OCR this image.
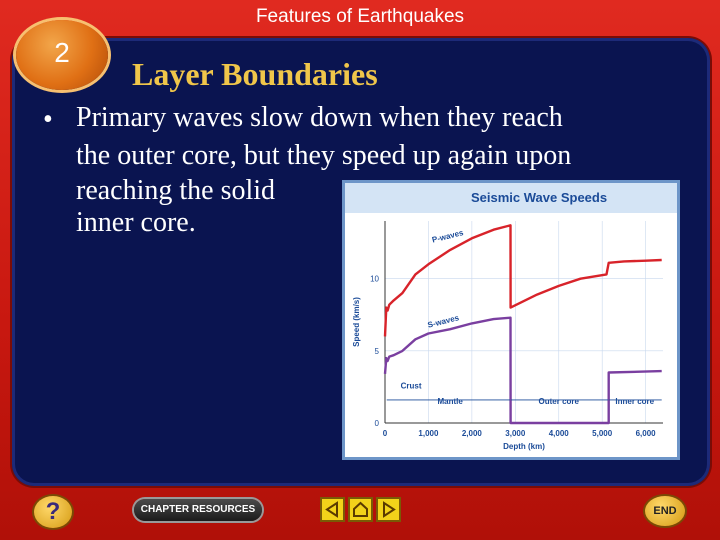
Features of Earthquakes
2
Layer Boundaries
• Primary waves slow down when they reach
the outer core, but they speed up again upon
reaching the solid
inner core.
Seismic Wave Speeds
0	1,000	2,000	3,000	4,000	5,000	6,000
0
5
10
Depth (km)
Speed (km/s)
P-waves
S-waves
Crust
Mantle	Outer core	Inner core
?	CHAPTER RESOURCES	END
